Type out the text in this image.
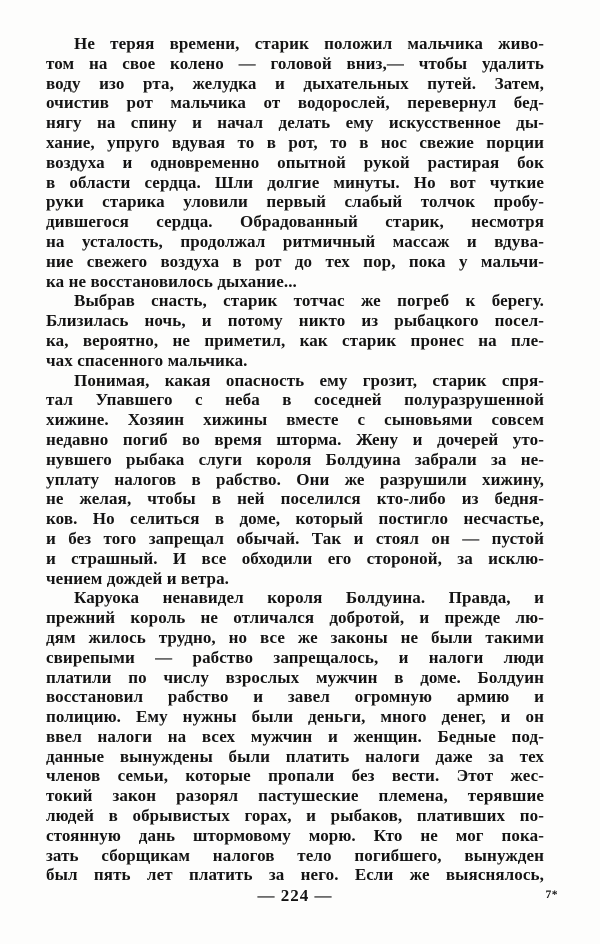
Не теряя времени, старик положил мальчика живо-
том на свое колено — головой вниз,— чтобы удалить
воду изо рта, желудка и дыхательных путей. Затем,
очистив рот мальчика от водорослей, перевернул бед-
нягу на спину и начал делать ему искусственное ды-
хание, упруго вдувая то в рот, то в нос свежие порции
воздуха и одновременно опытной рукой растирая бок
в области сердца. Шли долгие минуты. Но вот чуткие
руки старика уловили первый слабый толчок пробу-
дившегося сердца. Обрадованный старик, несмотря
на усталость, продолжал ритмичный массаж и вдува-
ние свежего воздуха в рот до тех пор, пока у мальчи-
ка не восстановилось дыхание...
Выбрав снасть, старик тотчас же погреб к берегу.
Близилась ночь, и потому никто из рыбацкого посел-
ка, вероятно, не приметил, как старик пронес на пле-
чах спасенного мальчика.
Понимая, какая опасность ему грозит, старик спря-
тал Упавшего с неба в соседней полуразрушенной
хижине. Хозяин хижины вместе с сыновьями совсем
недавно погиб во время шторма. Жену и дочерей уто-
нувшего рыбака слуги короля Болдуина забрали за не-
уплату налогов в рабство. Они же разрушили хижину,
не желая, чтобы в ней поселился кто-либо из бедня-
ков. Но селиться в доме, который постигло несчастье,
и без того запрещал обычай. Так и стоял он — пустой
и страшный. И все обходили его стороной, за исклю-
чением дождей и ветра.
Каруока ненавидел короля Болдуина. Правда, и
прежний король не отличался добротой, и прежде лю-
дям жилось трудно, но все же законы не были такими
свирепыми — рабство запрещалось, и налоги люди
платили по числу взрослых мужчин в доме. Болдуин
восстановил рабство и завел огромную армию и
полицию. Ему нужны были деньги, много денег, и он
ввел налоги на всех мужчин и женщин. Бедные под-
данные вынуждены были платить налоги даже за тех
членов семьи, которые пропали без вести. Этот жес-
токий закон разорял пастушеские племена, терявшие
людей в обрывистых горах, и рыбаков, плативших по-
стоянную дань штормовому морю. Кто не мог пока-
зать сборщикам налогов тело погибшего, вынужден
был пять лет платить за него. Если же выяснялось,
— 224 —	7*
